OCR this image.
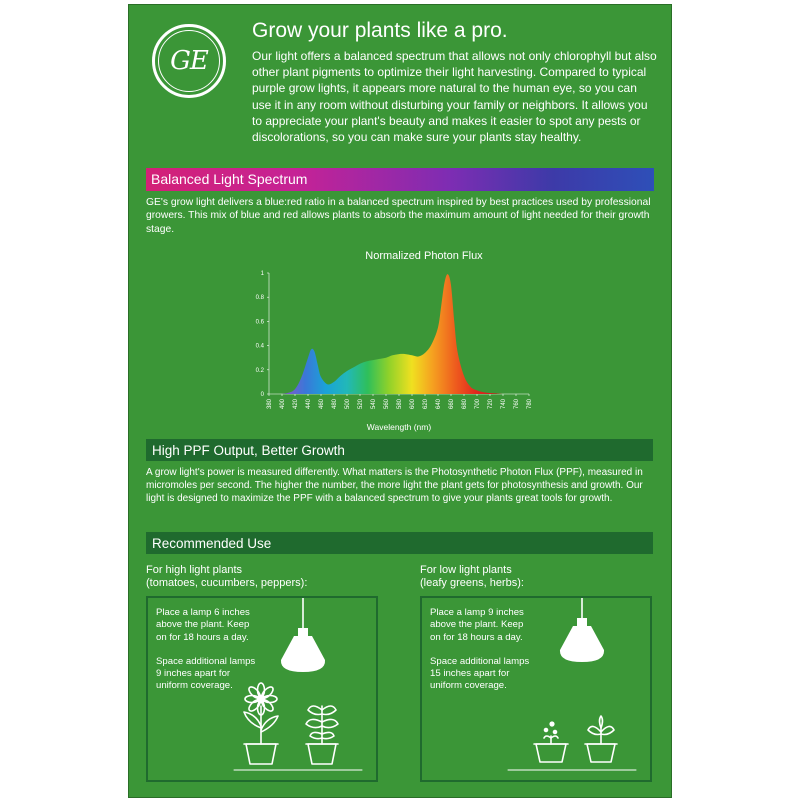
GE
Grow your plants like a pro.
Our light offers a balanced spectrum that allows not only chlorophyll but also other plant pigments to optimize their light harvesting. Compared to typical purple grow lights, it appears more natural to the human eye, so you can use it in any room without disturbing your family or neighbors. It allows you to appreciate your plant's beauty and makes it easier to spot any pests or discolorations, so you can make sure your plants stay healthy.
Balanced Light Spectrum
GE's grow light delivers a blue:red ratio in a balanced spectrum inspired by best practices used by professional growers. This mix of blue and red allows plants to absorb the maximum amount of light needed for their growth stage.
Normalized Photon Flux
0
0.2
0.4
0.6
0.8
1
380 400 420 440 460 480 500 520 540 560 580 600 620 640 660 680 700 720 740 760 780
Wavelength (nm)
High PPF Output, Better Growth
A grow light's power is measured differently. What matters is the Photosynthetic Photon Flux (PPF), measured in micromoles per second. The higher the number, the more light the plant gets for photosynthesis and growth. Our light is designed to maximize the PPF with a balanced spectrum to give your plants great tools for growth.
Recommended Use
For high light plants
(tomatoes, cucumbers, peppers):

Place a lamp 6 inches above the plant. Keep on for 18 hours a day.

Space additional lamps 9 inches apart for uniform coverage.

For low light plants
(leafy greens, herbs):

Place a lamp 9 inches above the plant. Keep on for 18 hours a day.

Space additional lamps 15 inches apart for uniform coverage.
